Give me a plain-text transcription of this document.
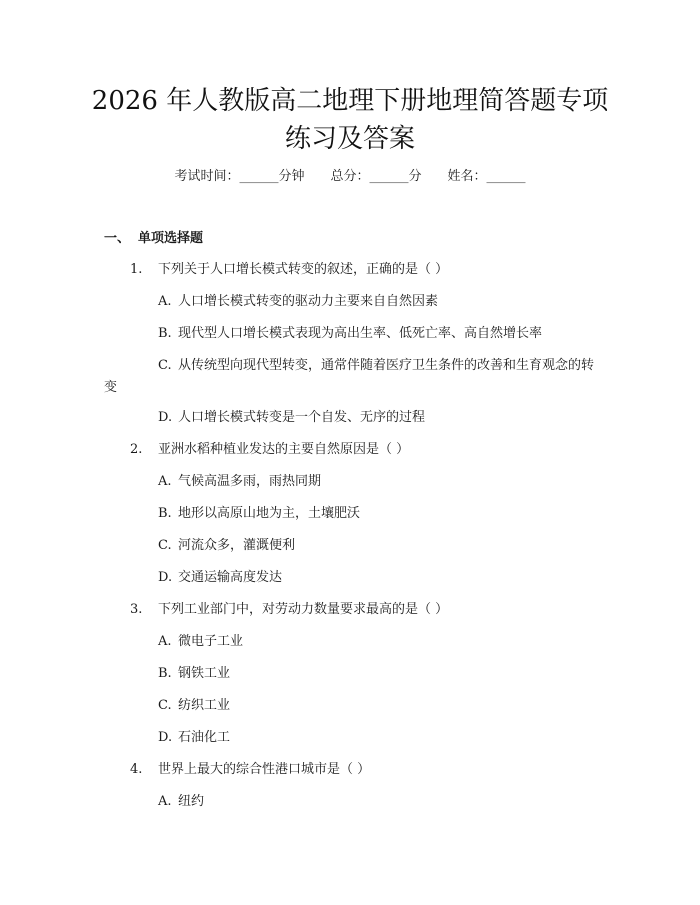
2026 年人教版高二地理下册地理简答题专项
练习及答案
考试时间：______分钟 总分：______分 姓名：______
一、 单项选择题
1. 下列关于人口增长模式转变的叙述，正确的是（ ）
A. 人口增长模式转变的驱动力主要来自自然因素
B. 现代型人口增长模式表现为高出生率、低死亡率、高自然增长率
C. 从传统型向现代型转变，通常伴随着医疗卫生条件的改善和生育观念的转变
D. 人口增长模式转变是一个自发、无序的过程
2. 亚洲水稻种植业发达的主要自然原因是（ ）
A. 气候高温多雨，雨热同期
B. 地形以高原山地为主，土壤肥沃
C. 河流众多，灌溉便利
D. 交通运输高度发达
3. 下列工业部门中，对劳动力数量要求最高的是（ ）
A. 微电子工业
B. 钢铁工业
C. 纺织工业
D. 石油化工
4. 世界上最大的综合性港口城市是（ ）
A. 纽约
